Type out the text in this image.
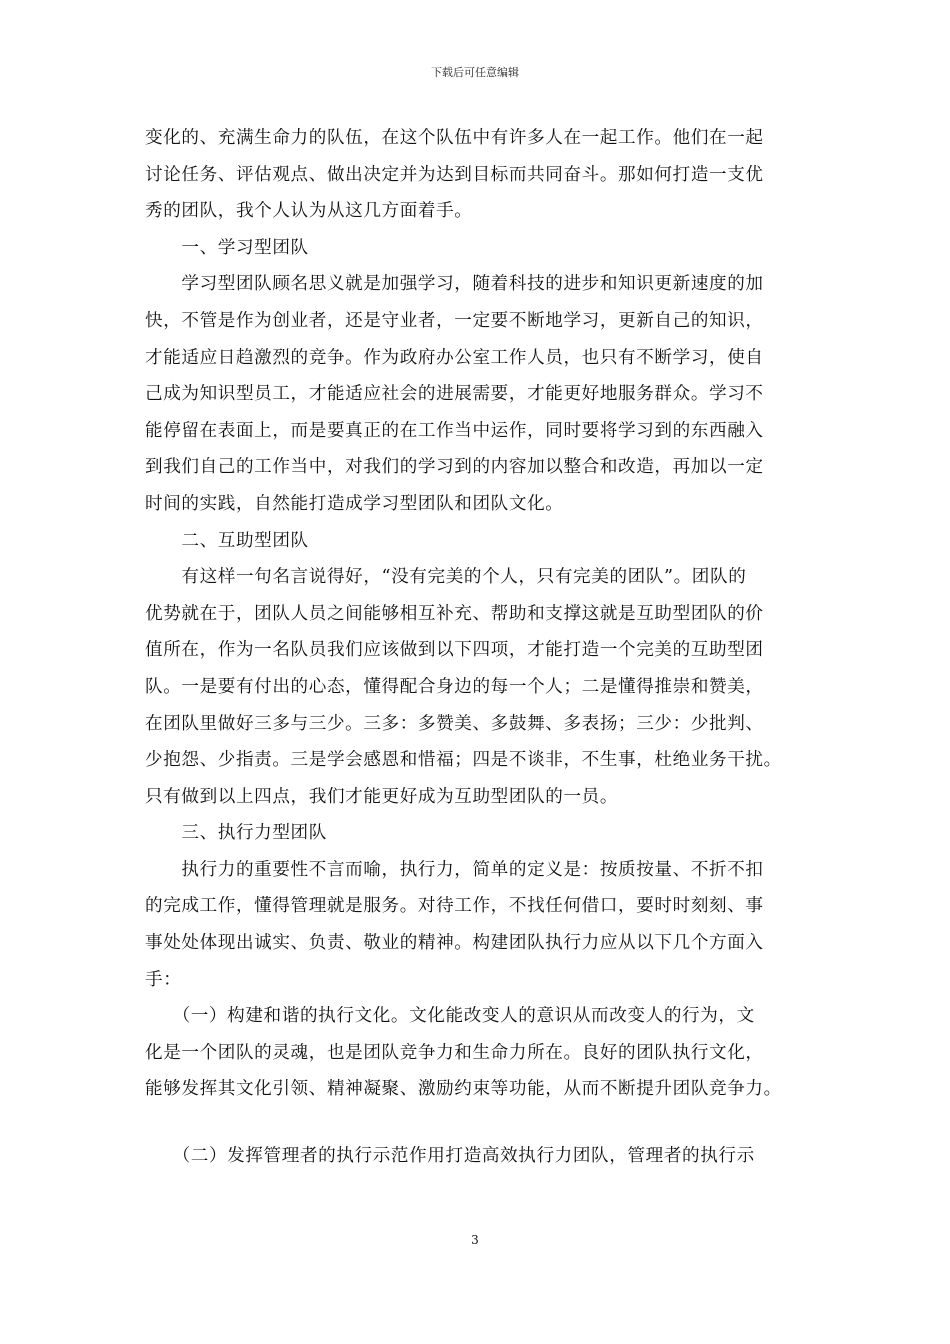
下载后可任意编辑

变化的、充满生命力的队伍，在这个队伍中有许多人在一起工作。他们在一起

讨论任务、评估观点、做出决定并为达到目标而共同奋斗。那如何打造一支优

秀的团队，我个人认为从这几方面着手。

　　一、学习型团队

　　学习型团队顾名思义就是加强学习，随着科技的进步和知识更新速度的加

快，不管是作为创业者，还是守业者，一定要不断地学习，更新自己的知识，

才能适应日趋激烈的竞争。作为政府办公室工作人员，也只有不断学习，使自

己成为知识型员工，才能适应社会的进展需要，才能更好地服务群众。学习不

能停留在表面上，而是要真正的在工作当中运作，同时要将学习到的东西融入

到我们自己的工作当中，对我们的学习到的内容加以整合和改造，再加以一定

时间的实践，自然能打造成学习型团队和团队文化。

　　二、互助型团队

　　有这样一句名言说得好，“没有完美的个人，只有完美的团队”。团队的

优势就在于，团队人员之间能够相互补充、帮助和支撑这就是互助型团队的价

值所在，作为一名队员我们应该做到以下四项，才能打造一个完美的互助型团

队。一是要有付出的心态，懂得配合身边的每一个人；二是懂得推崇和赞美，

在团队里做好三多与三少。三多：多赞美、多鼓舞、多表扬；三少：少批判、

少抱怨、少指责。三是学会感恩和惜福；四是不谈非，不生事，杜绝业务干扰。

只有做到以上四点，我们才能更好成为互助型团队的一员。

　　三、执行力型团队

　　执行力的重要性不言而喻，执行力，简单的定义是：按质按量、不折不扣

的完成工作，懂得管理就是服务。对待工作，不找任何借口，要时时刻刻、事

事处处体现出诚实、负责、敬业的精神。构建团队执行力应从以下几个方面入

手：

　　（一）构建和谐的执行文化。文化能改变人的意识从而改变人的行为，文

化是一个团队的灵魂，也是团队竞争力和生命力所在。良好的团队执行文化，

能够发挥其文化引领、精神凝聚、激励约束等功能，从而不断提升团队竞争力。

　　（二）发挥管理者的执行示范作用打造高效执行力团队，管理者的执行示

3
